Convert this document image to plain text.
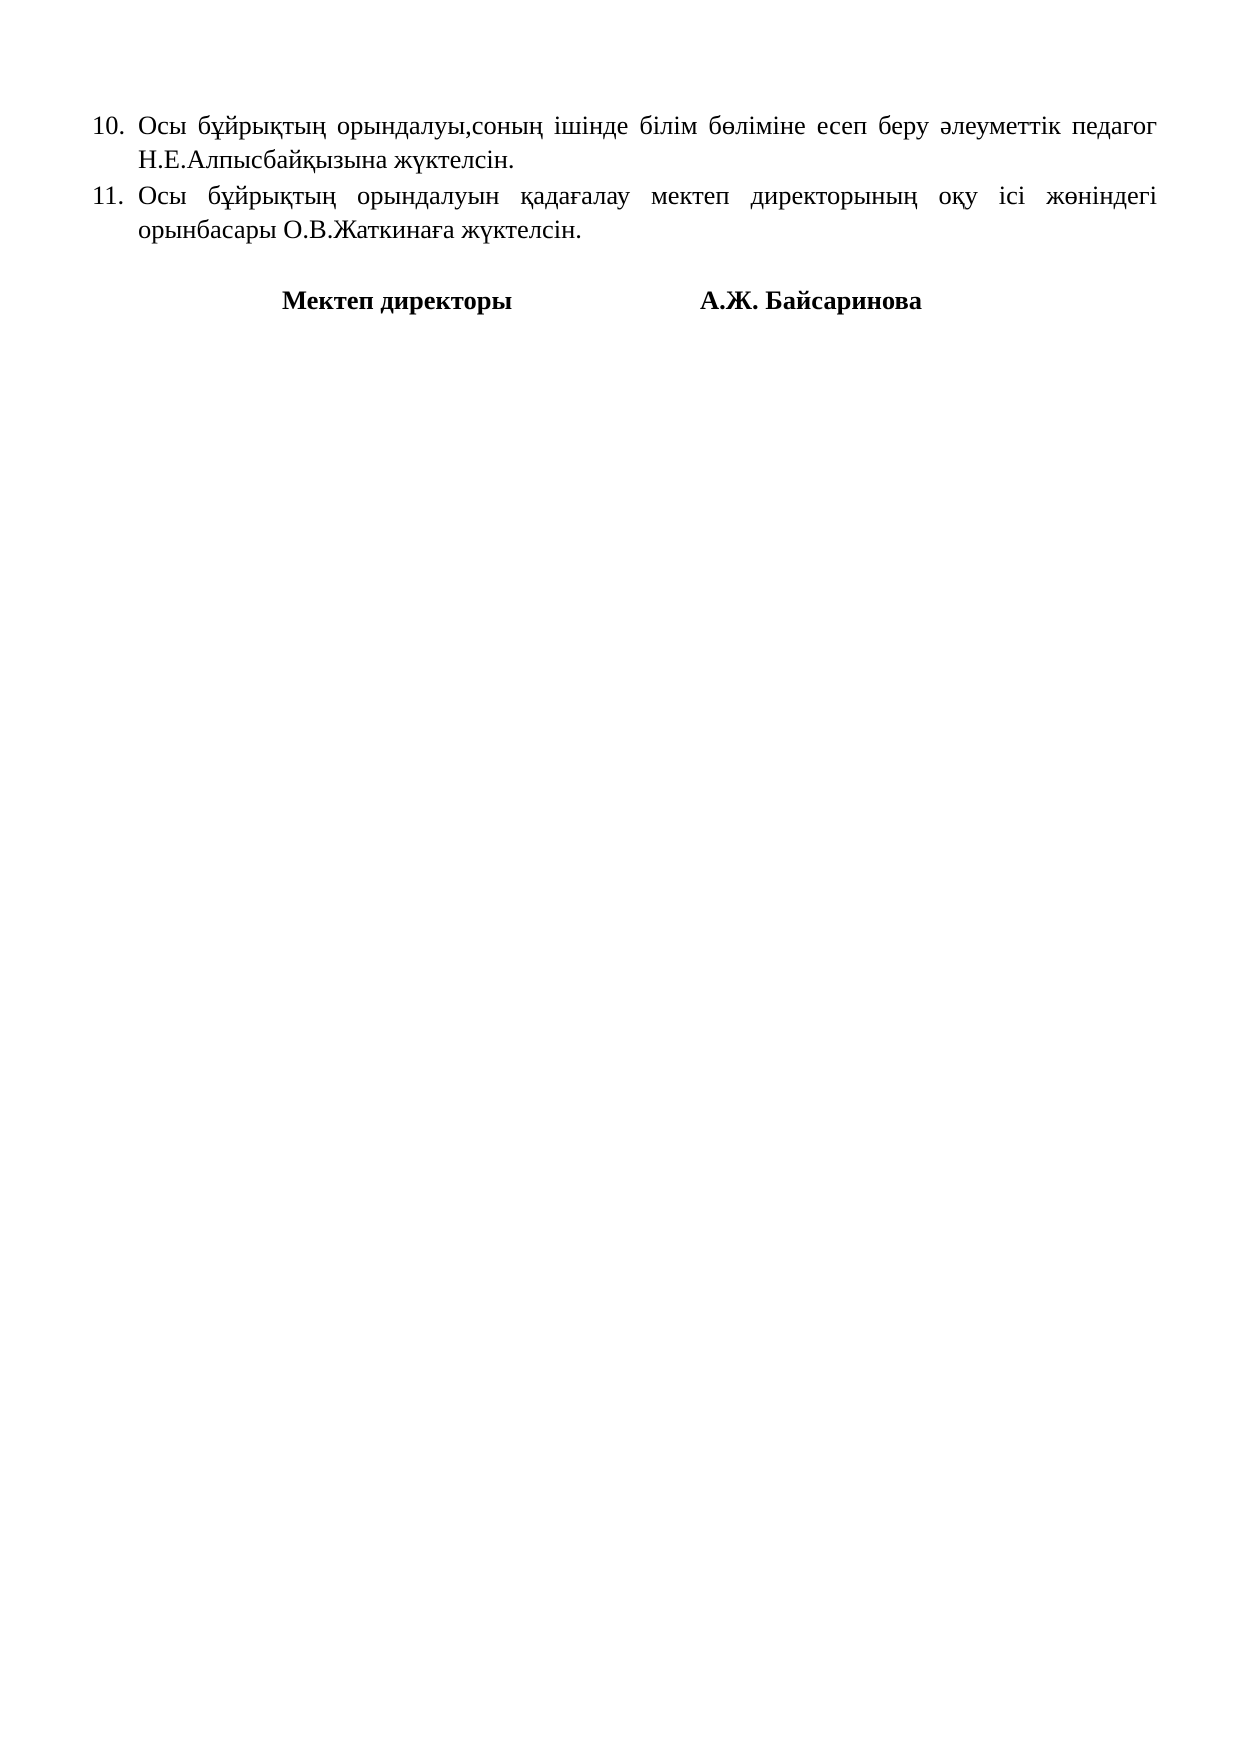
10. Осы бұйрықтың орындалуы,соның ішінде білім бөліміне есеп беру әлеуметтік педагог Н.Е.Алпысбайқызына жүктелсін.
11. Осы бұйрықтың орындалуын қадағалау мектеп директорының оқу ісі жөніндегі орынбасары О.В.Жаткинаға жүктелсін.
Мектеп директоры	А.Ж. Байсаринова
